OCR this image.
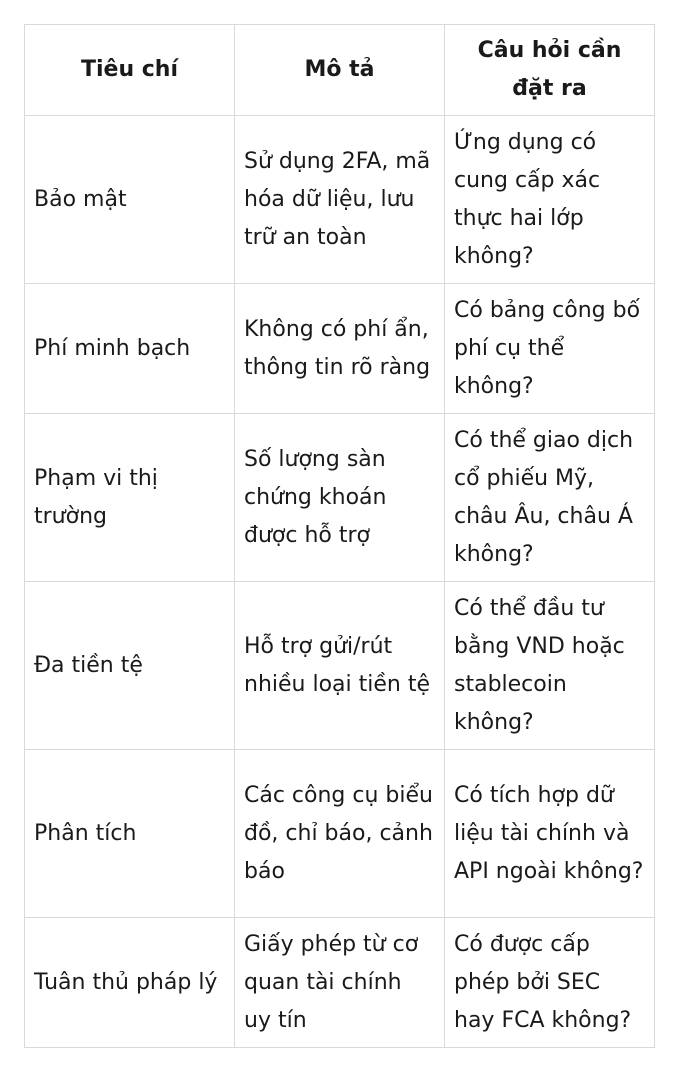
Tiêu chí	Mô tả	Câu hỏi cần đặt ra
Bảo mật	Sử dụng 2FA, mã hóa dữ liệu, lưu trữ an toàn	Ứng dụng có cung cấp xác thực hai lớp không?
Phí minh bạch	Không có phí ẩn, thông tin rõ ràng	Có bảng công bố phí cụ thể không?
Phạm vi thị trường	Số lượng sàn chứng khoán được hỗ trợ	Có thể giao dịch cổ phiếu Mỹ, châu Âu, châu Á không?
Đa tiền tệ	Hỗ trợ gửi/rút nhiều loại tiền tệ	Có thể đầu tư bằng VND hoặc stablecoin không?
Phân tích	Các công cụ biểu đồ, chỉ báo, cảnh báo	Có tích hợp dữ liệu tài chính và API ngoài không?
Tuân thủ pháp lý	Giấy phép từ cơ quan tài chính uy tín	Có được cấp phép bởi SEC hay FCA không?
